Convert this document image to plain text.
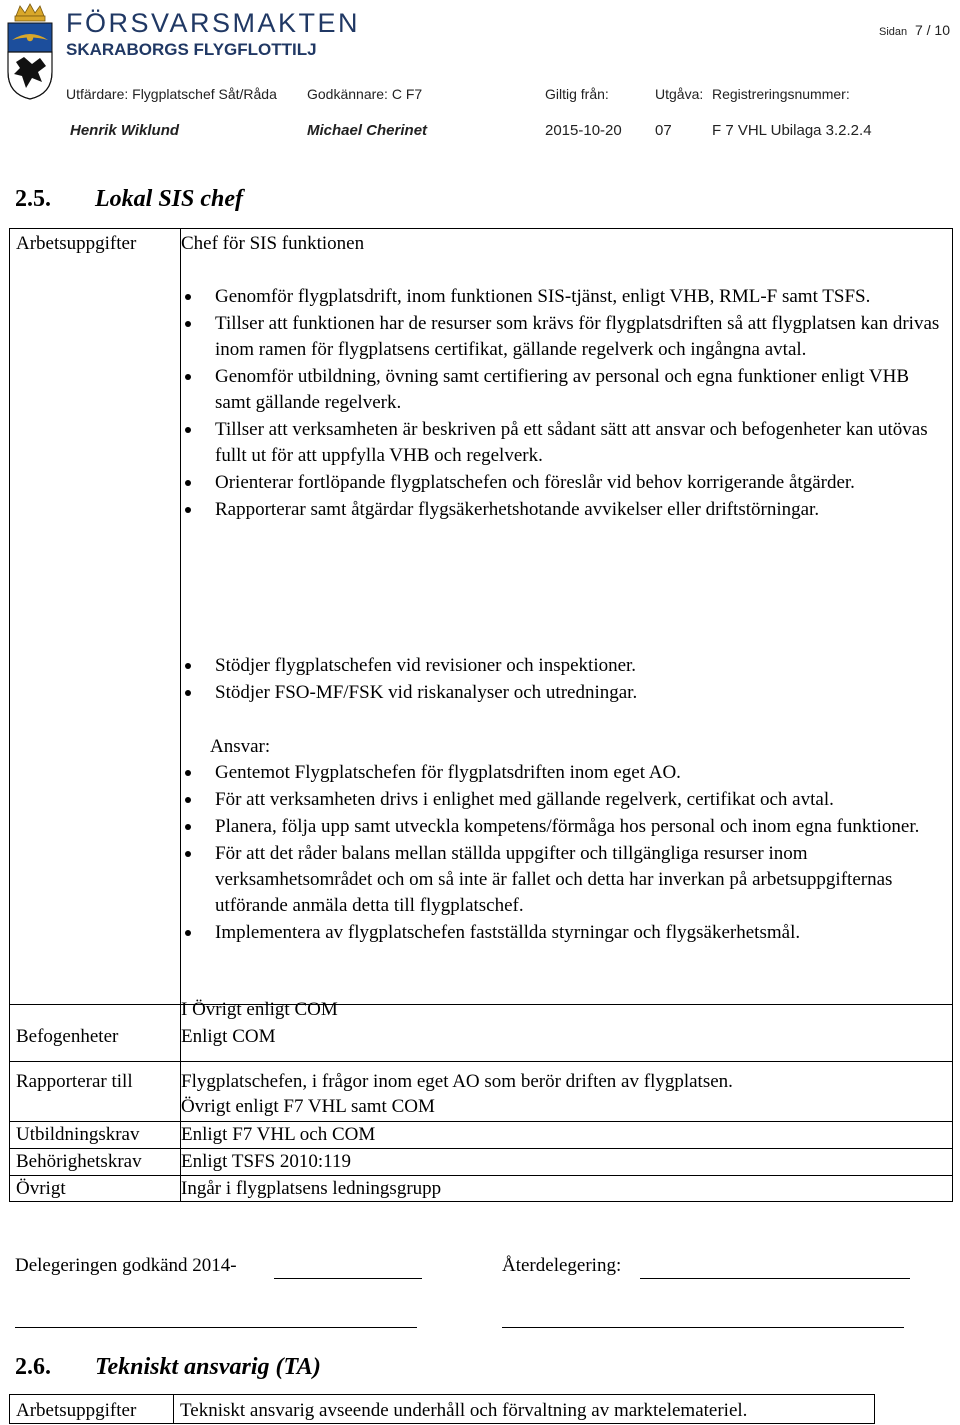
FÖRSVARSMAKTEN
SKARABORGS FLYGFLOTTILJ
Sidan 7 / 10
Utfärdare: Flygplatschef Såt/Råda Godkännare: C F7	Giltig från:	Utgåva: Registreringsnummer:
Henrik Wiklund	Michael Cherinet	2015-10-20 07	F 7 VHL Ubilaga 3.2.2.4
2.5. Lokal SIS chef
Arbetsuppgifter Chef för SIS funktionen
Genomför flygplatsdrift, inom funktionen SIS-tjänst, enligt VHB, RML-F samt TSFS.
Tillser att funktionen har de resurser som krävs för flygplatsdriften så att flygplatsen kan drivas inom ramen för flygplatsens certifikat, gällande regelverk och ingångna avtal.
Genomför utbildning, övning samt certifiering av personal och egna funktioner enligt VHB samt gällande regelverk.
Tillser att verksamheten är beskriven på ett sådant sätt att ansvar och befogenheter kan utövas fullt ut för att uppfylla VHB och regelverk.
Orienterar fortlöpande flygplatschefen och föreslår vid behov korrigerande åtgärder.
Rapporterar samt åtgärdar flygsäkerhetshotande avvikelser eller driftstörningar.
Stödjer flygplatschefen vid revisioner och inspektioner.
Stödjer FSO-MF/FSK vid riskanalyser och utredningar.
Ansvar:
Gentemot Flygplatschefen för flygplatsdriften inom eget AO.
För att verksamheten drivs i enlighet med gällande regelverk, certifikat och avtal.
Planera, följa upp samt utveckla kompetens/förmåga hos personal och inom egna funktioner.
För att det råder balans mellan ställda uppgifter och tillgängliga resurser inom verksamhetsområdet och om så inte är fallet och detta har inverkan på arbetsuppgifternas utförande anmäla detta till flygplatschef.
Implementera av flygplatschefen fastställda styrningar och flygsäkerhetsmål.
I Övrigt enligt COM
Befogenheter	Enligt COM
Rapporterar till	Flygplatschefen, i frågor inom eget AO som berör driften av flygplatsen.
Övrigt enligt F7 VHL samt COM
Utbildningskrav Enligt F7 VHL och COM
Behörighetskrav Enligt TSFS 2010:119
Övrigt	Ingår i flygplatsens ledningsgrupp
Delegeringen godkänd 2014-	Återdelegering:
2.6. Tekniskt ansvarig (TA)
Arbetsuppgifter Tekniskt ansvarig avseende underhåll och förvaltning av marktelemateriel.
